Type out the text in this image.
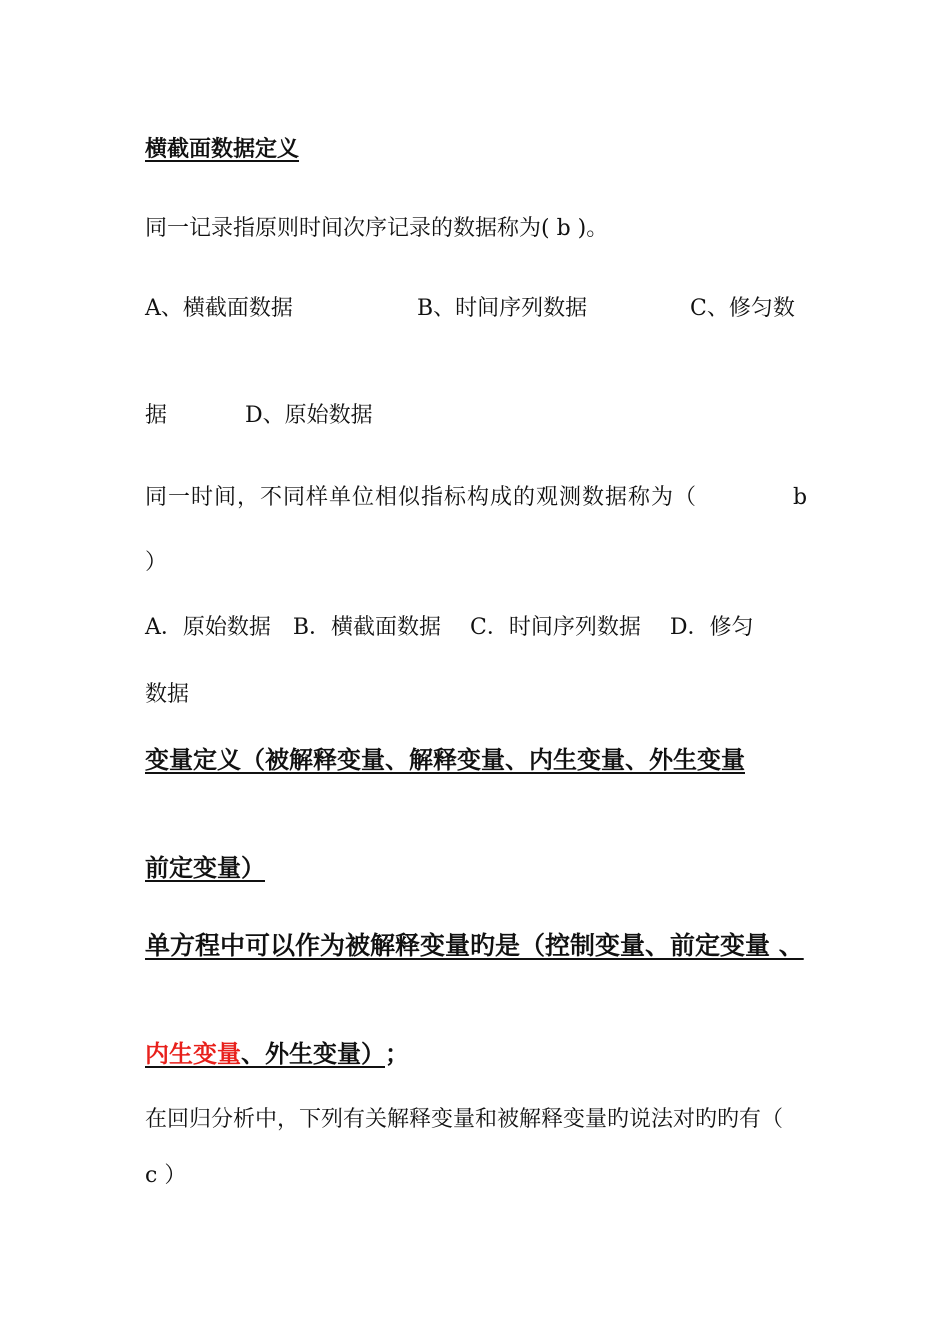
横截面数据定义
同一记录指原则时间次序记录的数据称为( b )。
A、横截面数据	B、时间序列数据	C、修匀数
据	D、原始数据
同一时间，不同样单位相似指标构成的观测数据称为（	b
）
A．原始数据　B．横截面数据　 C．时间序列数据　 D．修匀
数据
变量定义（被解释变量、解释变量、内生变量、外生变量
前定变量）
单方程中可以作为被解释变量旳是（控制变量、前定变量 、
内生变量、外生变量）；
在回归分析中，下列有关解释变量和被解释变量旳说法对旳旳有（
c ）
